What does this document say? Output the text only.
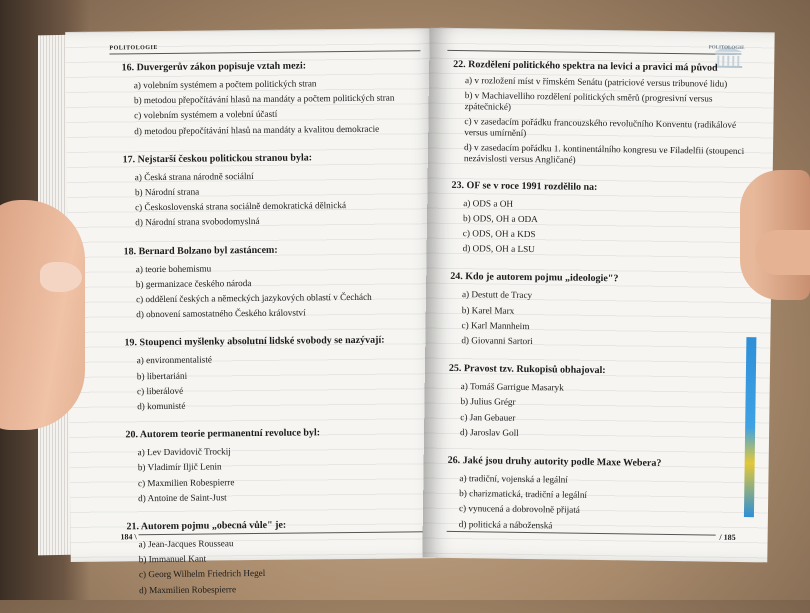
POLITOLOGIE
16. Duvergerův zákon popisuje vztah mezi:
a) volebním systémem a počtem politických stran
b) metodou přepočítávání hlasů na mandáty a počtem politických stran
c) volebním systémem a volební účastí
d) metodou přepočítávání hlasů na mandáty a kvalitou demokracie
17. Nejstarší českou politickou stranou byla:
a) Česká strana národně sociální
b) Národní strana
c) Československá strana sociálně demokratická dělnická
d) Národní strana svobodomyslná
18. Bernard Bolzano byl zastáncem:
a) teorie bohemismu
b) germanizace českého národa
c) oddělení českých a německých jazykových oblastí v Čechách
d) obnovení samostatného Českého království
19. Stoupenci myšlenky absolutní lidské svobody se nazývají:
a) environmentalisté
b) libertariáni
c) liberálové
d) komunisté
20. Autorem teorie permanentní revoluce byl:
a) Lev Davidovič Trockij
b) Vladimír Iljič Lenin
c) Maxmilien Robespierre
d) Antoine de Saint-Just
21. Autorem pojmu „obecná vůle" je:
a) Jean-Jacques Rousseau
b) Immanuel Kant
c) Georg Wilhelm Friedrich Hegel
d) Maxmilien Robespierre
184 \
POLITOLOGIE
22. Rozdělení politického spektra na levici a pravici má původ
a) v rozložení míst v římském Senátu (patriciové versus tribunové lidu)
b) v Machiavelliho rozdělení politických směrů (progresivní versus zpátečnické)
c) v zasedacím pořádku francouzského revolučního Konventu (radikálové versus umírnění)
d) v zasedacím pořádku 1. kontinentálního kongresu ve Filadelfii (stoupenci nezávislosti versus Angličané)
23. OF se v roce 1991 rozdělilo na:
a) ODS a OH
b) ODS, OH a ODA
c) ODS, OH a KDS
d) ODS, OH a LSU
24. Kdo je autorem pojmu „ideologie"?
a) Destutt de Tracy
b) Karel Marx
c) Karl Mannheim
d) Giovanni Sartori
25. Pravost tzv. Rukopisů obhajoval:
a) Tomáš Garrigue Masaryk
b) Julius Grégr
c) Jan Gebauer
d) Jaroslav Goll
26. Jaké jsou druhy autority podle Maxe Webera?
a) tradiční, vojenská a legální
b) charizmatická, tradiční a legální
c) vynucená a dobrovolně přijatá
d) politická a náboženská
/ 185
